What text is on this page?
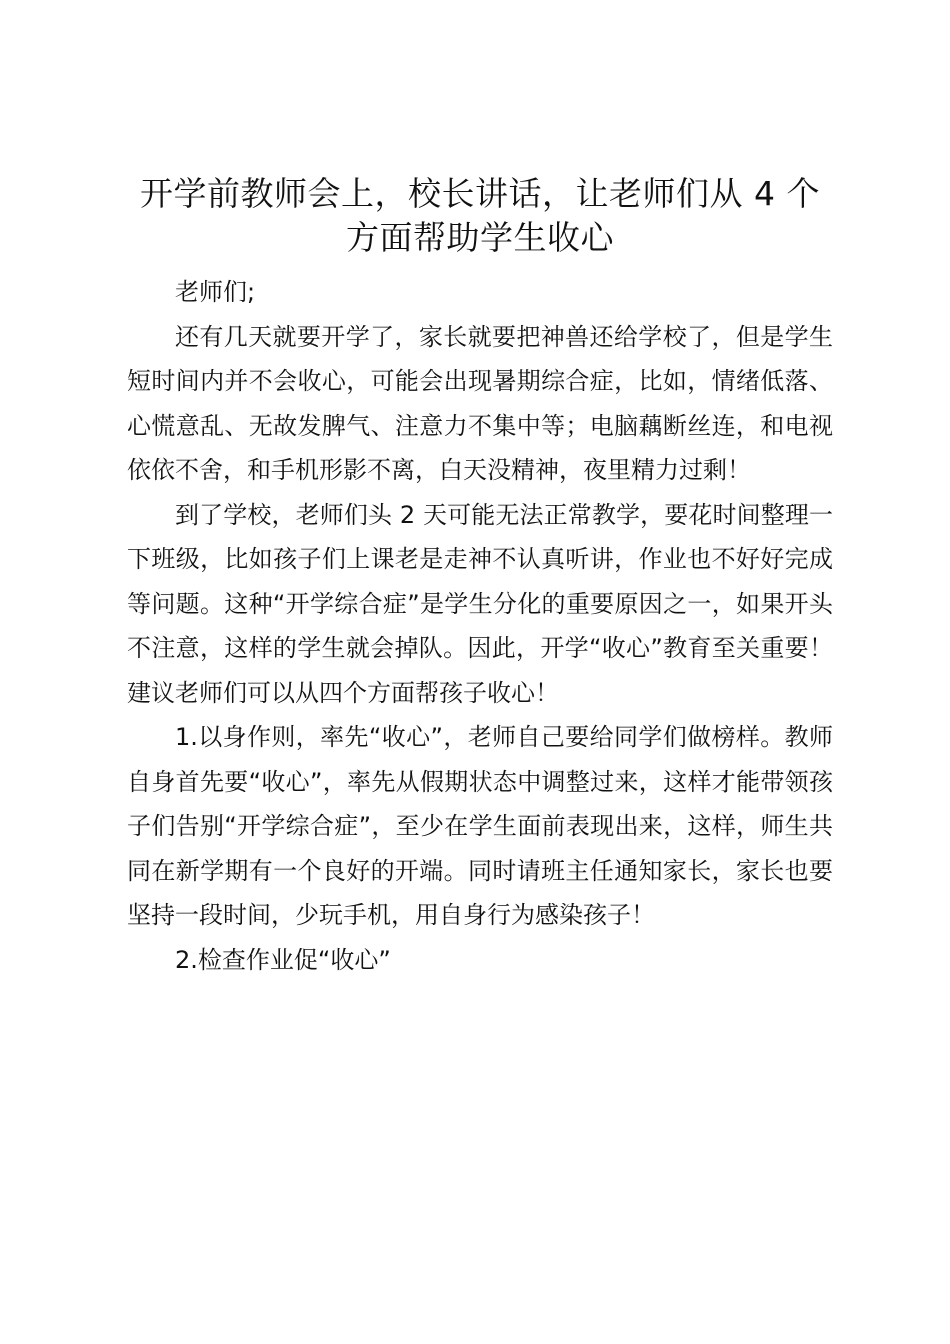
开学前教师会上，校长讲话，让老师们从 4 个方面帮助学生收心

老师们;

还有几天就要开学了，家长就要把神兽还给学校了，但是学生短时间内并不会收心，可能会出现暑期综合症，比如，情绪低落、心慌意乱、无故发脾气、注意力不集中等；电脑藕断丝连，和电视依依不舍，和手机形影不离，白天没精神，夜里精力过剩！

到了学校，老师们头 2 天可能无法正常教学，要花时间整理一下班级，比如孩子们上课老是走神不认真听讲，作业也不好好完成等问题。这种“开学综合症”是学生分化的重要原因之一，如果开头不注意，这样的学生就会掉队。因此，开学“收心”教育至关重要！建议老师们可以从四个方面帮孩子收心！

1.以身作则，率先“收心”，老师自己要给同学们做榜样。教师自身首先要“收心”，率先从假期状态中调整过来，这样才能带领孩子们告别“开学综合症”，至少在学生面前表现出来，这样，师生共同在新学期有一个良好的开端。同时请班主任通知家长，家长也要坚持一段时间，少玩手机，用自身行为感染孩子！

2.检查作业促“收心”
